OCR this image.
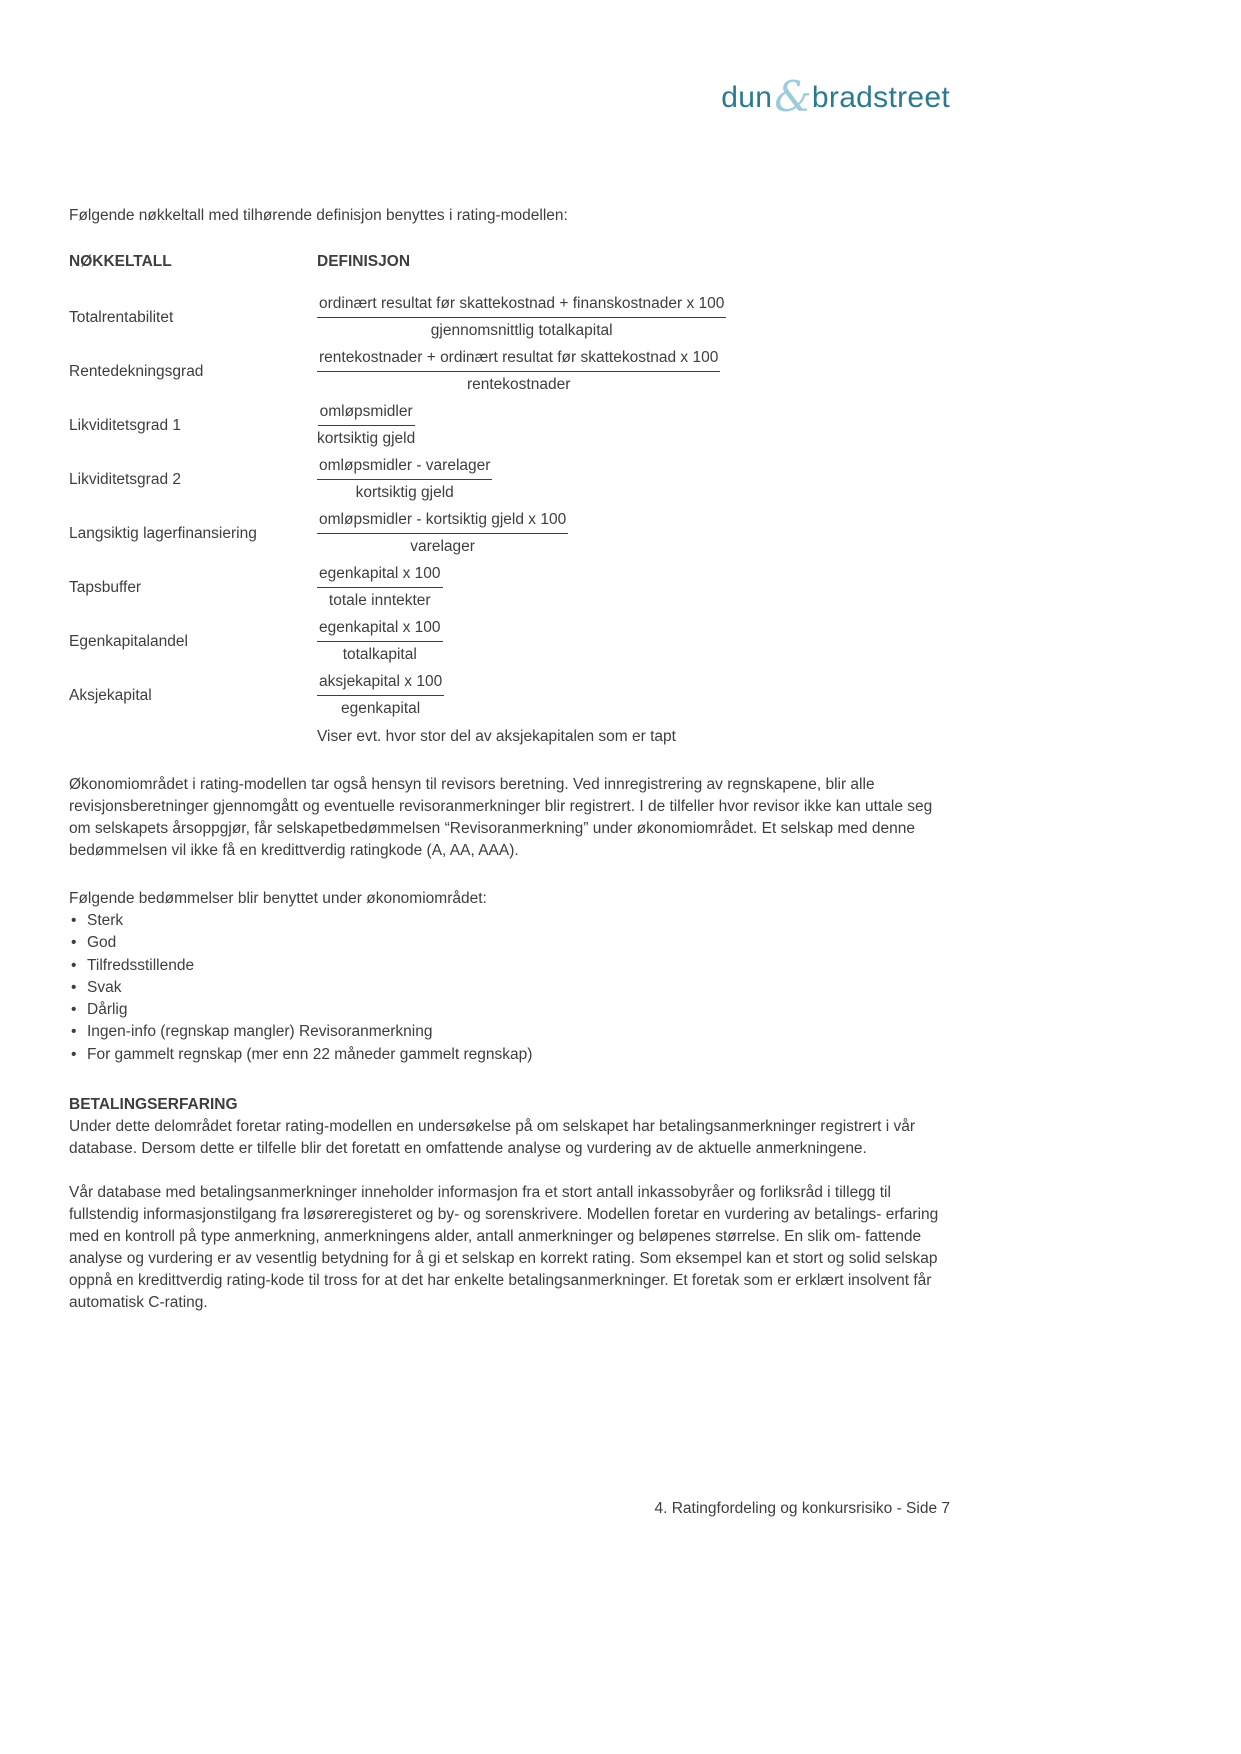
dun&bradstreet

Følgende nøkkeltall med tilhørende definisjon benyttes i rating-modellen:

NØKKELTALL	DEFINISJON
Totalrentabilitet	$\frac{\text{ordinært resultat før skattekostnad + finanskostnader x 100}}{\text{gjennomsnittlig totalkapital}}$
Rentedekningsgrad	$\frac{\text{rentekostnader + ordinært resultat før skattekostnad x 100}}{\text{rentekostnader}}$
Likviditetsgrad 1	$\frac{\text{omløpsmidler}}{\text{kortsiktig gjeld}}$
Likviditetsgrad 2	$\frac{\text{omløpsmidler - varelager}}{\text{kortsiktig gjeld}}$
Langsiktig lagerfinansiering	$\frac{\text{omløpsmidler - kortsiktig gjeld x 100}}{\text{varelager}}$
Tapsbuffer	$\frac{\text{egenkapital x 100}}{\text{totale inntekter}}$
Egenkapitalandel	$\frac{\text{egenkapital x 100}}{\text{totalkapital}}$
Aksjekapital	$\frac{\text{aksjekapital x 100}}{\text{egenkapital}}$
Viser evt. hvor stor del av aksjekapitalen som er tapt

Økonomiområdet i rating-modellen tar også hensyn til revisors beretning. Ved innregistrering av regnskapene, blir alle revisjonsberetninger gjennomgått og eventuelle revisoranmerkninger blir registrert. I de tilfeller hvor revisor ikke kan uttale seg om selskapets årsoppgjør, får selskapetbedømmelsen “Revisoranmerkning” under økonomiområdet. Et selskap med denne bedømmelsen vil ikke få en kredittverdig ratingkode (A, AA, AAA).

Følgende bedømmelser blir benyttet under økonomiområdet:

• Sterk
• God
• Tilfredsstillende
• Svak
• Dårlig
• Ingen-info (regnskap mangler) Revisoranmerkning
• For gammelt regnskap (mer enn 22 måneder gammelt regnskap)

BETALINGSERFARING

Under dette delområdet foretar rating-modellen en undersøkelse på om selskapet har betalingsanmerkninger registrert i vår database. Dersom dette er tilfelle blir det foretatt en omfattende analyse og vurdering av de aktuelle anmerkningene.

Vår database med betalingsanmerkninger inneholder informasjon fra et stort antall inkassobyråer og forliksråd i tillegg til fullstendig informasjonstilgang fra løsøreregisteret og by- og sorenskrivere. Modellen foretar en vurdering av betalings- erfaring med en kontroll på type anmerkning, anmerkningens alder, antall anmerkninger og beløpenes størrelse. En slik om- fattende analyse og vurdering er av vesentlig betydning for å gi et selskap en korrekt rating. Som eksempel kan et stort og solid selskap oppnå en kredittverdig rating-kode til tross for at det har enkelte betalingsanmerkninger. Et foretak som er erklært insolvent får automatisk C-rating.

4. Ratingfordeling og konkursrisiko - Side 7
